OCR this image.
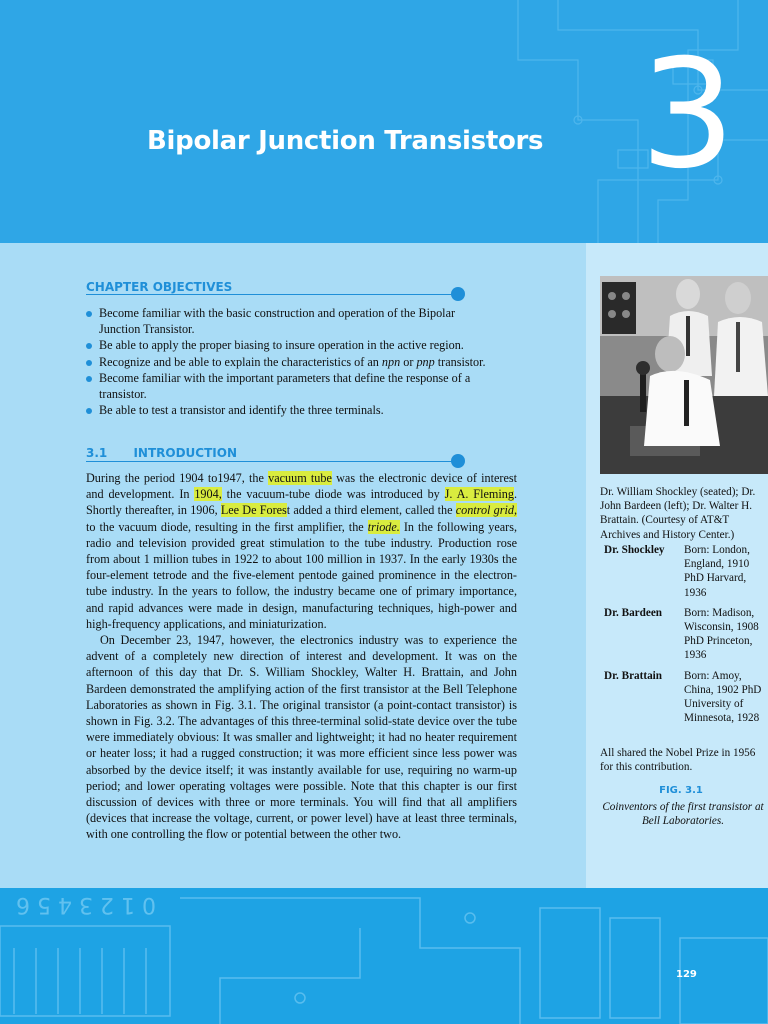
Bipolar Junction Transistors 3
CHAPTER OBJECTIVES
Become familiar with the basic construction and operation of the Bipolar Junction Transistor.
Be able to apply the proper biasing to insure operation in the active region.
Recognize and be able to explain the characteristics of an npn or pnp transistor.
Become familiar with the important parameters that define the response of a transistor.
Be able to test a transistor and identify the three terminals.
3.1 INTRODUCTION

During the period 1904 to1947, the vacuum tube was the electronic device of interest and development. In 1904, the vacuum-tube diode was introduced by J. A. Fleming. Shortly thereafter, in 1906, Lee De Forest added a third element, called the control grid, to the vacuum diode, resulting in the first amplifier, the triode. In the following years, radio and television provided great stimulation to the tube industry. Production rose from about 1 million tubes in 1922 to about 100 million in 1937. In the early 1930s the four-element tetrode and the five-element pentode gained prominence in the electron-tube industry. In the years to follow, the industry became one of primary importance, and rapid advances were made in design, manufacturing techniques, high-power and high-frequency applications, and miniaturization.

On December 23, 1947, however, the electronics industry was to experience the advent of a completely new direction of interest and development. It was on the afternoon of this day that Dr. S. William Shockley, Walter H. Brattain, and John Bardeen demonstrated the amplifying action of the first transistor at the Bell Telephone Laboratories as shown in Fig. 3.1. The original transistor (a point-contact transistor) is shown in Fig. 3.2. The advantages of this three-terminal solid-state device over the tube were immediately obvious: It was smaller and lightweight; it had no heater requirement or heater loss; it had a rugged construction; it was more efficient since less power was absorbed by the device itself; it was instantly available for use, requiring no warm-up period; and lower operating voltages were possible. Note that this chapter is our first discussion of devices with three or more terminals. You will find that all amplifiers (devices that increase the voltage, current, or power level) have at least three terminals, with one controlling the flow or potential between the other two.

Dr. William Shockley (seated); Dr. John Bardeen (left); Dr. Walter H. Brattain. (Courtesy of AT&T Archives and History Center.)
Dr. Shockley	Born: London, England, 1910 PhD Harvard, 1936
Dr. Bardeen	Born: Madison, Wisconsin, 1908 PhD Princeton, 1936
Dr. Brattain	Born: Amoy, China, 1902 PhD University of Minnesota, 1928
All shared the Nobel Prize in 1956 for this contribution.
FIG. 3.1
Coinventors of the first transistor at Bell Laboratories.
0 1 2 3 4 5 6
129
